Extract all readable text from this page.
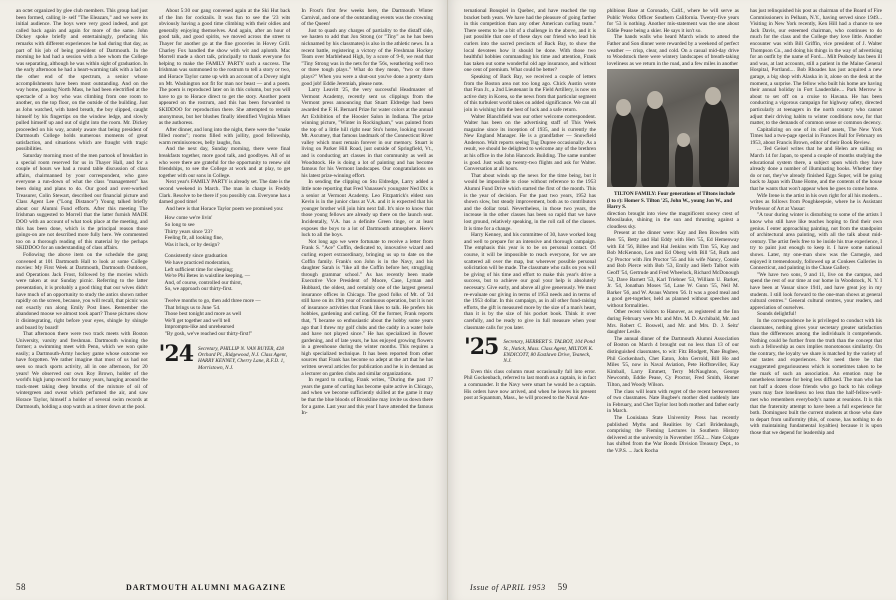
an octet organized by glee club members. This group had just been formed, calling it- self "The Eleazars," and we were its initial audience. The boys were very good indeed, and got called back again and again for more of the same. John Dickey spoke briefly and entertainingly, prefacing his remarks with different experiences he had during that day, as part of his job of being president of Dartmouth. In the morning he had had a session with a bee whom the College was separating, although he was within sight of graduation. In the early afternoon he had a heart-warming talk with a lad on the other end of the spectrum, a senior whose accomplishments have been most outstanding. And on the way home, passing North Mass, he had been electrified at the spectacle of a boy who was climbing from one room to another, on the top floor, on the outside of the building. Just as John watched, with bated breath, the boy slipped, caught himself by his fingertips on the window ledge, and slowly pulled himself up and out of sight into the room. Mr. Dickey proceeded on his way, acutely aware that being president of Dartmouth College holds numerous moments of great satisfaction, and situations which are fraught with tragic possibilities.

Saturday morning most of the men partook of breakfast in a special room reserved for us in Thayer Hall, and for a couple of hours we had a round table discussion of class affairs, chairmanned by your correspondent, who gave everyone a run-down of what the class "management" has been doing and plans to do. Our good and over-worked Treasurer, Colin Stewart, described our financial picture and Class Agent Lee ("Long Distance") Young talked briefly about our Alumni Fund efforts. After this meeting The Irishman suggested to Morrell that the latter furnish MADE DOO with an account of what took place at the meeting, and this has been done, which is the principal reason those goings-on are not described more fully here. We commented too on a thorough reading of this material by the perhaps SKIDDOO for an understanding of class affairs.

Following the above item on the schedule the gang convened at 101 Dartmouth Hall to look at some College movies: My First Week at Dartmouth, Dartmouth Outdoors, and Operations Jack Frost, followed by the movies which were taken at our Sunday picnic. Referring to the latter presentation, it is probably a good thing that our wives didn't have much of an opportunity to study the antics shown rather rapidly on the screen, because, you will recall, that picnic was not exactly run along Emily Post lines. Remember the abandoned moose we almost took apart? Those pictures show it disintegrating, right before your eyes, shingle by shingle and board by board!

That afternoon there were two track meets with Boston University, varsity and freshman. Dartmouth winning the former; a swimming meet with Penn, which we won quite easily; a Dartmouth-Army hockey game whose outcome we have forgotten. We rather imagine that most of us had not seen so much sports activity, all in one afternoon, for 20 years! We observed our own Roy Brown, holder of the world's high jump record for many years, hanging around the track-meet taking deep breaths of the mixture of oil of wintergreen and sweat which perfumed the air, and saw Horace Taylor, himself a holder of several swim records at Dartmouth, holding a stop watch as a timer down at the pool.

About 5:30 our gang convened again at the Ski Hut back of the Inn for cocktails. It was fun to see the '23 wits obviously having a good time climbing with their oldies and generally enjoying themselves. And again, after an hour of good talk, and good spirits, we moved across the street to Thayer for another go at the fine groceries in Hovey Grill. Charley Fox handled the show with wit and aplomb. Mac Morrell made a short talk, principally to thank everyone for helping to make the FAMILY PARTY such a success. The Irishman was summoned to the rostrum to tell a story or two, and Horace Taylor came up with an account of a Dovey night on Mt. Washington not fit for man nor beast — and a poem. The poem is reproduced later on in this column, but you will have to go to Horace direct to get the story. Another poem appeared on the rostrum, and this has been forwarded to SKIDDOO for reproduction there. She attempted to remain anonymous, but her blushes finally identified Virginia Miner as the authoress.

After dinner, and long into the night, there were the "snake filled rooms"; rooms filled with jollity, good fellowship, warm reminiscences, belly laughs, fun.

And the next day, Sunday morning, there were final breakfasts together, more good talk, and goodbyes. All of us who were there are grateful for the opportunity to renew old friendships, to see the College at work and at play, to get together with our sons in College.

Next year's FAMILY PARTY is already set. The date is the second weekend in March. The man in charge is Freddy Clark. Resolve to be there if you possibly can. Everyone has a darned good time!

And here is that Horace Taylor poem we promised you:

How come we're livin'

So long to see

Thirty years since '23?

Feeling fit, all looking fine,

Was it luck, or by design?

Consistently since graduation

We have practiced moderation,

Left sufficient time for sleeping;

We're Phi Betes in waistline keeping, —

And, of course, controlled our thirst,

So, we approach our thirty-first.

Twelve months to go, then add three more —

That brings us to June '54.

Those best tonight and more as well

We'll get together and we'll tell

Impromptu-like and unrehearsed

"By gosh, we've reached our thirty-first!"

'24 Secretary, PHILLIP N. VAN BUYER, 428 Orchard Pl., Ridgewood, N.J. Class Agent, HARRY KENNEY, Cherry Lane, R.F.D. 1, Morristown, N.J.

In Frost's first few weeks here, the Dartmouth Winter Carnival, and one of the outstanding events was the crowning of the Queen!

Just to quash any charges of partiality to the distaff side, we hasten to add that Jon Strong (or "Tiny" as he has been nicknamed by his classmates) is also in the athletic news. In a recent battle, registering a victory of the Freshman Hockey Team over Marblehead High, by a score of 9-0, we read that "Tiny Strong was in the nets for the '56s, weathering well two or three tough plays." What do they mean, "two or three plays?" When you were a shut-out you've done a pretty darn good job! Eddie Jeremiah, please note.

Larry Leavitt '25, the very successful Headmaster of Vermont Academy, recently sent us clippings from the Vermont press announcing that Stuart Eldredge had been awarded the F. H. Bernard Prize for water colors at the annual Art Exhibition of the Hoosier Salon in Indiana. The prize winning picture, "Winter in Rockingham," was painted from the top of a little hill right near Stu's home, looking toward Mt. Ascutney, that famous landmark of the Connecticut River valley which must remain forever in our memory. Stuart is living on Parker Hill Road, just outside of Springfield, Vt., and is conducting art classes in that community as well as Woodstock. He is doing a lot of painting and has become famous for his Vermont landscapes. Our congratulations on his latest prize-winning effort.

In sending the clipping on Stu Eldredge, Larry added a little note reporting that Fred Vanasses's youngster Ned Dix is a senior at Vermont Academy. Leo Fitzpatrick's eldest son Kevin is in the junior class at V.A. and it is expected that his younger brother will join him next fall. It's nice to know that those young fellows are already up there on the launch seat. Incidentally, V.A. has a definite Green tinge, or at least exposes the boys to a lot of Dartmouth atmosphere. Here's luck to all the boys.

Not long ago we were fortunate to receive a letter from Frank S. "Ace" Coffin, dedicated to, innovative wizard and curling expert extraordinary, bringing us up to date on the Coffin family. Frank's son John is in the Navy, and his daughter Sarah is "like all the Coffin before her, struggling through grammar school." As has recently been made Executive Vice President of Moore, Case, Lyman and Hubbard, the oldest, and certainly one of the largest general insurance offices in Chicago. The good folks of Mt. of '24 still have on its 19th year of continuous operation, but it is not of insurance activities that Frank likes to talk. He prefers his hobbies, gardening and curling. Of the former, Frank reports that, "I became so enthusiastic about the hobby some years ago that I threw my golf clubs and the caddy in a water hole and have not played since." He has specialized in flower gardening, and of late years, he has enjoyed growing flowers in a greenhouse during the winter months. This requires a high specialized technique. It has been reported from other sources that Frank has become so adept at the art that he has written several articles for publication and he is in demand as a lecturer on garden clubs and similar organizations.

In regard to curling, Frank writes, "During the past 17 years the game of curling has become quite active in Chicago, and when we become sufficiently skilled at the game it may be that the blue bloods of Brookline may invite us down there for a game. Last year and this year I have attended the famous In-

58	DARTMOUTH ALUMNI MAGAZINE

ternational Bonspiel in Quebec, and have reached the top bracket both years. We have had the pleasure of going farther in this competition than any other American curling team." There seems to be a bit of a challenge in the above, and it is just possible that one of these days our friend who lead his curlers into the sacred precincts of Back Bay, to show the local devotees how it should be done. With those two healthful hobbies commanding his time and attention, Frank has taken out some wonderful old age insurance, and without one cent of premium. What could be better?

Speaking of Back Bay, we received a couple of letters from the Boston area not too long ago. Chick Austin wrote that Fran Jr., a 2nd Lieutenant in the Field Artillery, is now on active duty in Korea, so the news from that particular segment of this turbulent world takes on added significance. We can all join in wishing him the best of luck and a safe return.

Walter Blanchfield was our other welcome correspondent. Walter has been on the advertising staff of This Week magazine since its inception of 1935, and is currently the New England Manager. He is a grandfather — Snowfield Anderson. Walt reports seeing Tug Dupree occasionally. As a result, we should be delighted to welcome any of the brethren at his office in the John Hancock Building. The same number is good. Just walk up twenty-two flights and ask for Walter. Conversation at all hours.

That about winds up the news for the time being, but it would be impossible to close without reference to the 1953 Alumni Fund Drive which started the first of the month. This is the year of decision. For the past two years, 1952 has shown slow, but steady improvement, both as to contributors and the dollar total. Nevertheless, in those two years, the increase in the other classes has been so rapid that we have lost ground, relatively speaking, in the roll call of the classes. It is time for a change.

Harry Kenney, and his committee of 30, have worked long and well to prepare for an intensive and thorough campaign. The emphasis this year is to be on personal contact. Of course, it will be impossible to reach everyone, for we are scattered all over the map, but wherever possible personal solicitation will be made. The classmate who calls on you will be giving of his time and effort to make this year's drive a success, but to achieve our goal your help is absolutely necessary. Give early, and above all give generously. We must re-evaluate our giving in terms of 1953 needs and in terms of the 1953 dollar. In this campaign, as in all other fund-raising efforts, the gift is measured more by the size of a man's heart, than it is by the size of his pocket book. Think it over carefully, and be ready to give in full measure when your classmate calls for you later.

'25 Secretary, HERBERT S. TALBOT, 104 Pond St., Natick, Mass. Class Agent, MILTON K. ENDICOTT, 80 Eastlawn Drive, Teaneck, N.J.

Even this class column must occasionally fall into error. Phil Gockenbach, referred to last month as a captain, is in fact a commander. It the Navy were smart he would be a captain. His orders have now arrived, and when he leaves his present post at Squantum, Mass., he will proceed to the Naval Am-

phibious Base at Coronado, Calif., where he will serve as Public Works Officer Southern California. Twenty-five years for '53 is nothing. Another mis-statement was the one about Eddie Pease being a skier. He says it isn't so.

The hands walls who heard March winds to attend the Father and Son dinner were rewarded by a weekend of perfect weather — crisp, clear, and cold. On a casual mid-day drive to Woodstock there were wintery landscapes of breath-taking loveliness as we return in the road, and a few miles in another

TILTON FAMILY: Four generations of Tiltons include (l to r): Homer S. Tilton '25, John W., young Jon W., and Harry S.

direction brought into view the magnificent snowy crest of Moosilauke, shining in the sun and thrusting against a cloudless sky.

Present at the dinner were: Kay and Ben Bowden with Ben '55, Betty and Hal Eddy with Hen '55, Ed Hemenway with Ed '56, Billee and Hal Jenkins with Tim '55, Kay and Bob McKennon, Len and Ed Oberg with Bill '54, Ruth and Cy Proctor with Jim Proctor '55 and his wife Nancy, Connie and Bob Pierce with Bob '53, Emily and Herb Talbot with Geoff '54, Gertrude and Fred Wheelock, Richard McDonough '52, Dave Barnett '53, Karl Triebner '53, William U. Barker, Jr. '54, Jonathan Moses '54, Lane W. Gunn '55, Neil M. Barker '56, and W. Avaus Warren '56. It was a good meal and a good get-together, held as planned without speeches and without formalities.

Other recent visitors to Hanover, as registered at the Inn during February were Mr. and Mrs. M. D. Archibald, Mr. and Mrs. Robert C. Boswell, and Mr. and Mrs. D. J. Seitz' daughter Leslie.

The annual dinner of the Dartmouth Alumni Association of Boston on March 4 brought out no less than 13 of our distinguished classmates, to wit: Fitz Blodgett, Nate Bugbee, Phil Gockenbach, Chet Eaton, John Gerrold, Bill Ho and Miles '55, now in Naval Aviation, Pete Hoffsteviller, Kay Kimball, Larry Emmett, Terry McNaughton, George Newcomb, Eddie Pease, Cy Proctor, Fred Smith, Homer Tilton, and Woody Wilson.

The class will learn with regret of the recent bereavement of two classmates. Nate Bugbee's mother died suddenly late in February, and Chet Taylor lost both mother and father early in March.

The Louisiana State University Press has recently published Myths and Realities by Carl Bridenbaugh, comprising the Fleming Lectures in Southern History delivered at the university in November 1952.... Nate Colgate has shifted from the War Bonds Division Treasury Dept., to the V.P.S. ... Jack Rocha

has just relinquished his post as chairman of the Board of Fire Commissioners in Pelham, N.Y., having served since 1949... Visiting in New York recently, Ken Hill had a chance to see Jack Davis, our esteemed chairman, who continues to do much for the class and the College they love little. Another encounter was with Bill Griffin, vice president of J. Walter Thompson Co., and doing his things in the way of advertising for an outfit by the name of Ford.... Milt Peabody has been ill and was, at last accounts, still a patient in the Maine General Hospital, Portland.... Bob Rhoades has just acquired a new garage, a big shop with Alaska in it, alone on the desk at the moment, a surprise. The fellow who built his home are having their annual holiday in Fort Lauderdale.... Park Merrow is about to set off on a cruise to Havana. He has been conducting a vigorous campaign for highway safety, directed particularly at teenagers in the north country who cannot adjust their driving habits to winter conditions now, for that matter, to the demands of common sense or common decency.

Capitalizing on one of its chief assets, The New York Times had a two-page special in Frances Ball for February on 1953, about Francis Brown, editor of their Book Review.

... Ted Geisel writes that he and Helen are sailing on March 14 for Japan, to spend a couple of months studying the educational system there, a subject upon which they have already done a number of illuminating books. Whether they do or not, they've already finished Eggs Super, will be going back to Japan with Dane Home, and the contents of the house that he wants that won't appear when he goes to come home.

Wife Irene is the artist in his own right for all his modern... writes as follows from Poughkeepsie, where he is Assistant Professor of Art at Vassar:

"A tour during winter is disturbing to some of the artists I know who still have like teaches hoping to find their own genius. I enter approaching painting, not from the standpoint of architectural area painting, with all the talk about mid-century. The artist feels free to be inside his true experience, I try to paint just enough to keep it. I have some national shows. Later, my one-man show was the Carnegie, and enjoyed it tremendously, followed up at Conkees Galleries in Connecticut, and painting in the Chase Gallery.

"We have two sons, 9 and 11, live on the campus, and spend the rest of our time at our home in Woodstock, N. Y. I have been at Vassar since 1941, and have great joy in my students. I still look forward to the one-man shows at general cultural centres." General cultural centres, your readers, and appreciation of ourselves.

Sounds delightful!

In the correspondence he is privileged to conduct with his classmates, nothing gives your secretary greater satisfaction than the differences among the individuals it comprehends. Nothing could be further from the truth than the concept that such a fellowship as ours implies monotonous similarity. On the contrary, the loyalty we share is matched by the variety of our tastes and experiences. Nor need there be that exaggerated gregariousness which is sometimes taken to be the mark of such an association. An emotion may be nonetheless intense for being less diffused. The man who has not half a dozen close friends who go back to his college years may face loneliness no less than the half-fellow-well-met who remembers everybody's name at reunions. It is this that the fraternity attempt to have been a full experience for both. Dominguez built the current students at those who dare to depart from uniformity (this, of course, has nothing to do with maintaining fundamental loyalties) because it is upon those that we depend for leadership and

Issue of APRIL 1953 59
